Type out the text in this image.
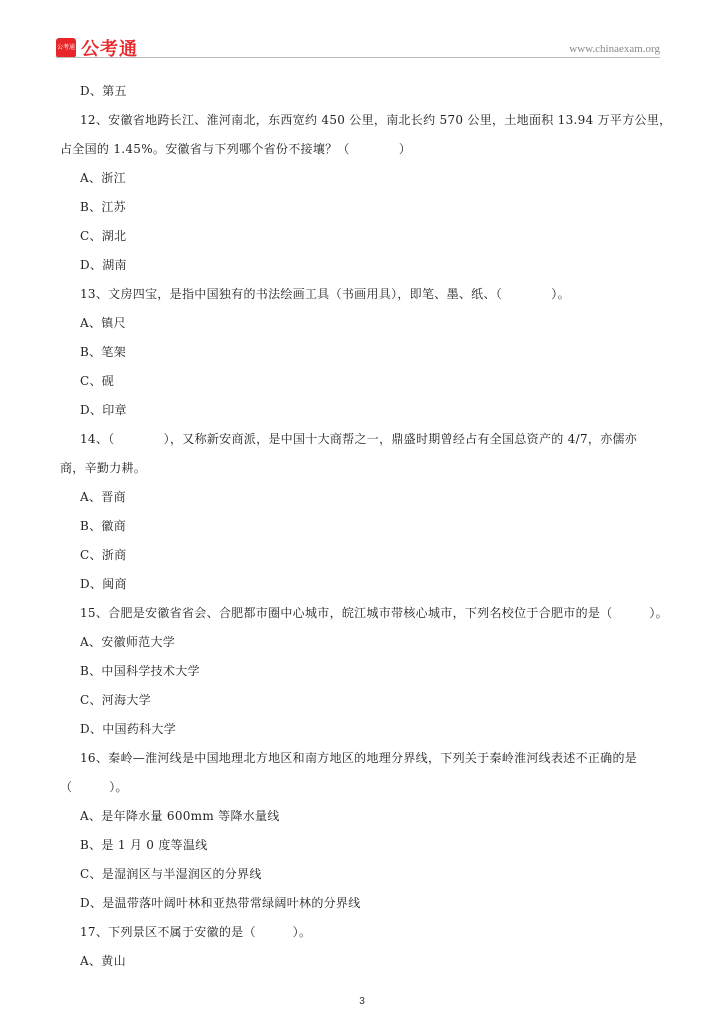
公考通 公考通	www.chinaexam.org
D、第五
12、安徽省地跨长江、淮河南北，东西宽约 450 公里，南北长约 570 公里，土地面积 13.94 万平方公里，
占全国的 1.45%。安徽省与下列哪个省份不接壤？（　　　　）
A、浙江
B、江苏
C、湖北
D、湖南
13、文房四宝，是指中国独有的书法绘画工具（书画用具），即笔、墨、纸、（　　　　）。
A、镇尺
B、笔架
C、砚
D、印章
14、（　　　　），又称新安商派，是中国十大商帮之一，鼎盛时期曾经占有全国总资产的 4/7，亦儒亦
商，辛勤力耕。
A、晋商
B、徽商
C、浙商
D、闽商
15、合肥是安徽省省会、合肥都市圈中心城市，皖江城市带核心城市，下列名校位于合肥市的是（　　　）。
A、安徽师范大学
B、中国科学技术大学
C、河海大学
D、中国药科大学
16、秦岭—淮河线是中国地理北方地区和南方地区的地理分界线，下列关于秦岭淮河线表述不正确的是
（　　　）。
A、是年降水量 600mm 等降水量线
B、是 1 月 0 度等温线
C、是湿润区与半湿润区的分界线
D、是温带落叶阔叶林和亚热带常绿阔叶林的分界线
17、下列景区不属于安徽的是（　　　）。
A、黄山
3
